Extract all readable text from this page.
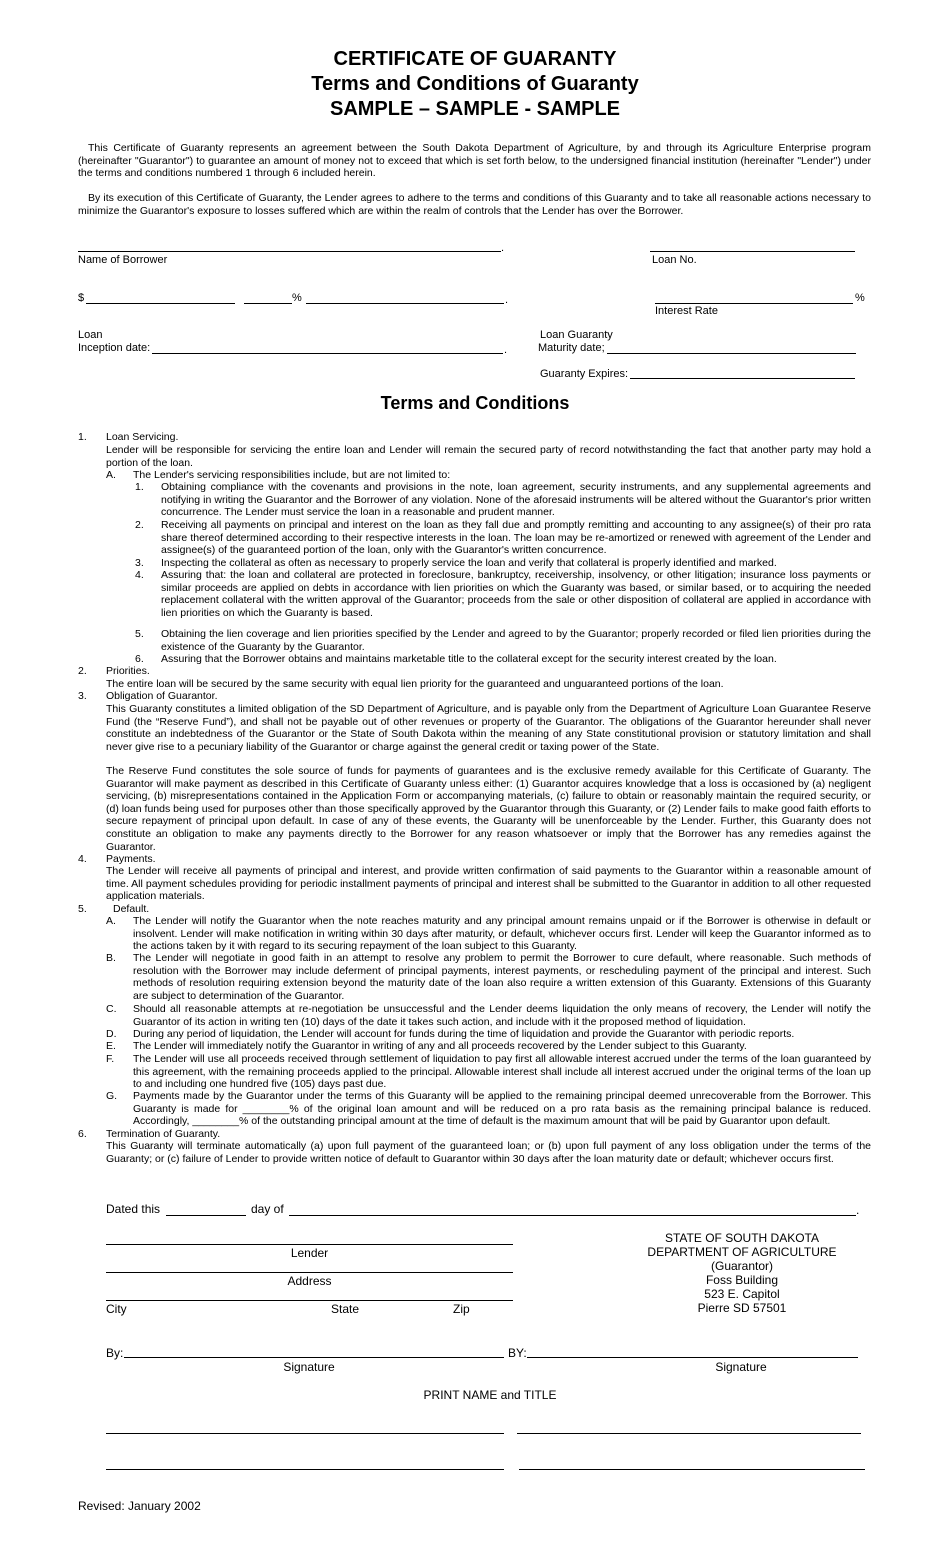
CERTIFICATE OF GUARANTY
Terms and Conditions of Guaranty
SAMPLE – SAMPLE - SAMPLE
This Certificate of Guaranty represents an agreement between the South Dakota Department of Agriculture, by and through its Agriculture Enterprise program (hereinafter "Guarantor") to guarantee an amount of money not to exceed that which is set forth below, to the undersigned financial institution (hereinafter "Lender") under the terms and conditions numbered 1 through 6 included herein.
By its execution of this Certificate of Guaranty, the Lender agrees to adhere to the terms and conditions of this Guaranty and to take all reasonable actions necessary to minimize the Guarantor's exposure to losses suffered which are within the realm of controls that the Lender has over the Borrower.
.
Name of Borrower	Loan No.
$	%	.	%
Interest Rate
Loan
Inception date:	.
Loan Guaranty
Maturity date;
Guaranty Expires:
Terms and Conditions
1. Loan Servicing.
Lender will be responsible for servicing the entire loan and Lender will remain the secured party of record notwithstanding the fact that another party may hold a portion of the loan.
A. The Lender's servicing responsibilities include, but are not limited to:
1. Obtaining compliance with the covenants and provisions in the note, loan agreement, security instruments, and any supplemental agreements and notifying in writing the Guarantor and the Borrower of any violation. None of the aforesaid instruments will be altered without the Guarantor's prior written concurrence. The Lender must service the loan in a reasonable and prudent manner.
2. Receiving all payments on principal and interest on the loan as they fall due and promptly remitting and accounting to any assignee(s) of their pro rata share thereof determined according to their respective interests in the loan. The loan may be re-amortized or renewed with agreement of the Lender and assignee(s) of the guaranteed portion of the loan, only with the Guarantor's written concurrence.
3. Inspecting the collateral as often as necessary to properly service the loan and verify that collateral is properly identified and marked.
4. Assuring that: the loan and collateral are protected in foreclosure, bankruptcy, receivership, insolvency, or other litigation; insurance loss payments or similar proceeds are applied on debts in accordance with lien priorities on which the Guaranty was based, or similar based, or to acquiring the needed replacement collateral with the written approval of the Guarantor; proceeds from the sale or other disposition of collateral are applied in accordance with lien priorities on which the Guaranty is based.
5. Obtaining the lien coverage and lien priorities specified by the Lender and agreed to by the Guarantor; properly recorded or filed lien priorities during the existence of the Guaranty by the Guarantor.
6. Assuring that the Borrower obtains and maintains marketable title to the collateral except for the security interest created by the loan.
2. Priorities.
The entire loan will be secured by the same security with equal lien priority for the guaranteed and unguaranteed portions of the loan.
3. Obligation of Guarantor.
This Guaranty constitutes a limited obligation of the SD Department of Agriculture, and is payable only from the Department of Agriculture Loan Guarantee Reserve Fund (the “Reserve Fund”), and shall not be payable out of other revenues or property of the Guarantor. The obligations of the Guarantor hereunder shall never constitute an indebtedness of the Guarantor or the State of South Dakota within the meaning of any State constitutional provision or statutory limitation and shall never give rise to a pecuniary liability of the Guarantor or charge against the general credit or taxing power of the State.
The Reserve Fund constitutes the sole source of funds for payments of guarantees and is the exclusive remedy available for this Certificate of Guaranty. The Guarantor will make payment as described in this Certificate of Guaranty unless either: (1) Guarantor acquires knowledge that a loss is occasioned by (a) negligent servicing, (b) misrepresentations contained in the Application Form or accompanying materials, (c) failure to obtain or reasonably maintain the required security, or (d) loan funds being used for purposes other than those specifically approved by the Guarantor through this Guaranty, or (2) Lender fails to make good faith efforts to secure repayment of principal upon default. In case of any of these events, the Guaranty will be unenforceable by the Lender. Further, this Guaranty does not constitute an obligation to make any payments directly to the Borrower for any reason whatsoever or imply that the Borrower has any remedies against the Guarantor.
4. Payments.
The Lender will receive all payments of principal and interest, and provide written confirmation of said payments to the Guarantor within a reasonable amount of time. All payment schedules providing for periodic installment payments of principal and interest shall be submitted to the Guarantor in addition to all other requested application materials.
5. Default.
A. The Lender will notify the Guarantor when the note reaches maturity and any principal amount remains unpaid or if the Borrower is otherwise in default or insolvent. Lender will make notification in writing within 30 days after maturity, or default, whichever occurs first. Lender will keep the Guarantor informed as to the actions taken by it with regard to its securing repayment of the loan subject to this Guaranty.
B. The Lender will negotiate in good faith in an attempt to resolve any problem to permit the Borrower to cure default, where reasonable. Such methods of resolution with the Borrower may include deferment of principal payments, interest payments, or rescheduling payment of the principal and interest. Such methods of resolution requiring extension beyond the maturity date of the loan also require a written extension of this Guaranty. Extensions of this Guaranty are subject to determination of the Guarantor.
C. Should all reasonable attempts at re-negotiation be unsuccessful and the Lender deems liquidation the only means of recovery, the Lender will notify the Guarantor of its action in writing ten (10) days of the date it takes such action, and include with it the proposed method of liquidation.
D. During any period of liquidation, the Lender will account for funds during the time of liquidation and provide the Guarantor with periodic reports.
E. The Lender will immediately notify the Guarantor in writing of any and all proceeds recovered by the Lender subject to this Guaranty.
F. The Lender will use all proceeds received through settlement of liquidation to pay first all allowable interest accrued under the terms of the loan guaranteed by this agreement, with the remaining proceeds applied to the principal. Allowable interest shall include all interest accrued under the original terms of the loan up to and including one hundred five (105) days past due.
G. Payments made by the Guarantor under the terms of this Guaranty will be applied to the remaining principal deemed unrecoverable from the Borrower. This Guaranty is made for ________% of the original loan amount and will be reduced on a pro rata basis as the remaining principal balance is reduced. Accordingly, ________% of the outstanding principal amount at the time of default is the maximum amount that will be paid by Guarantor upon default.
6. Termination of Guaranty.
This Guaranty will terminate automatically (a) upon full payment of the guaranteed loan; or (b) upon full payment of any loss obligation under the terms of the Guaranty; or (c) failure of Lender to provide written notice of default to Guarantor within 30 days after the loan maturity date or default; whichever occurs first.
Dated this	day of	.
Lender
Address
City	State	Zip
STATE OF SOUTH DAKOTA
DEPARTMENT OF AGRICULTURE
(Guarantor)
Foss Building
523 E. Capitol
Pierre SD 57501
By:
Signature
BY:
Signature
PRINT NAME and TITLE
Revised: January 2002
